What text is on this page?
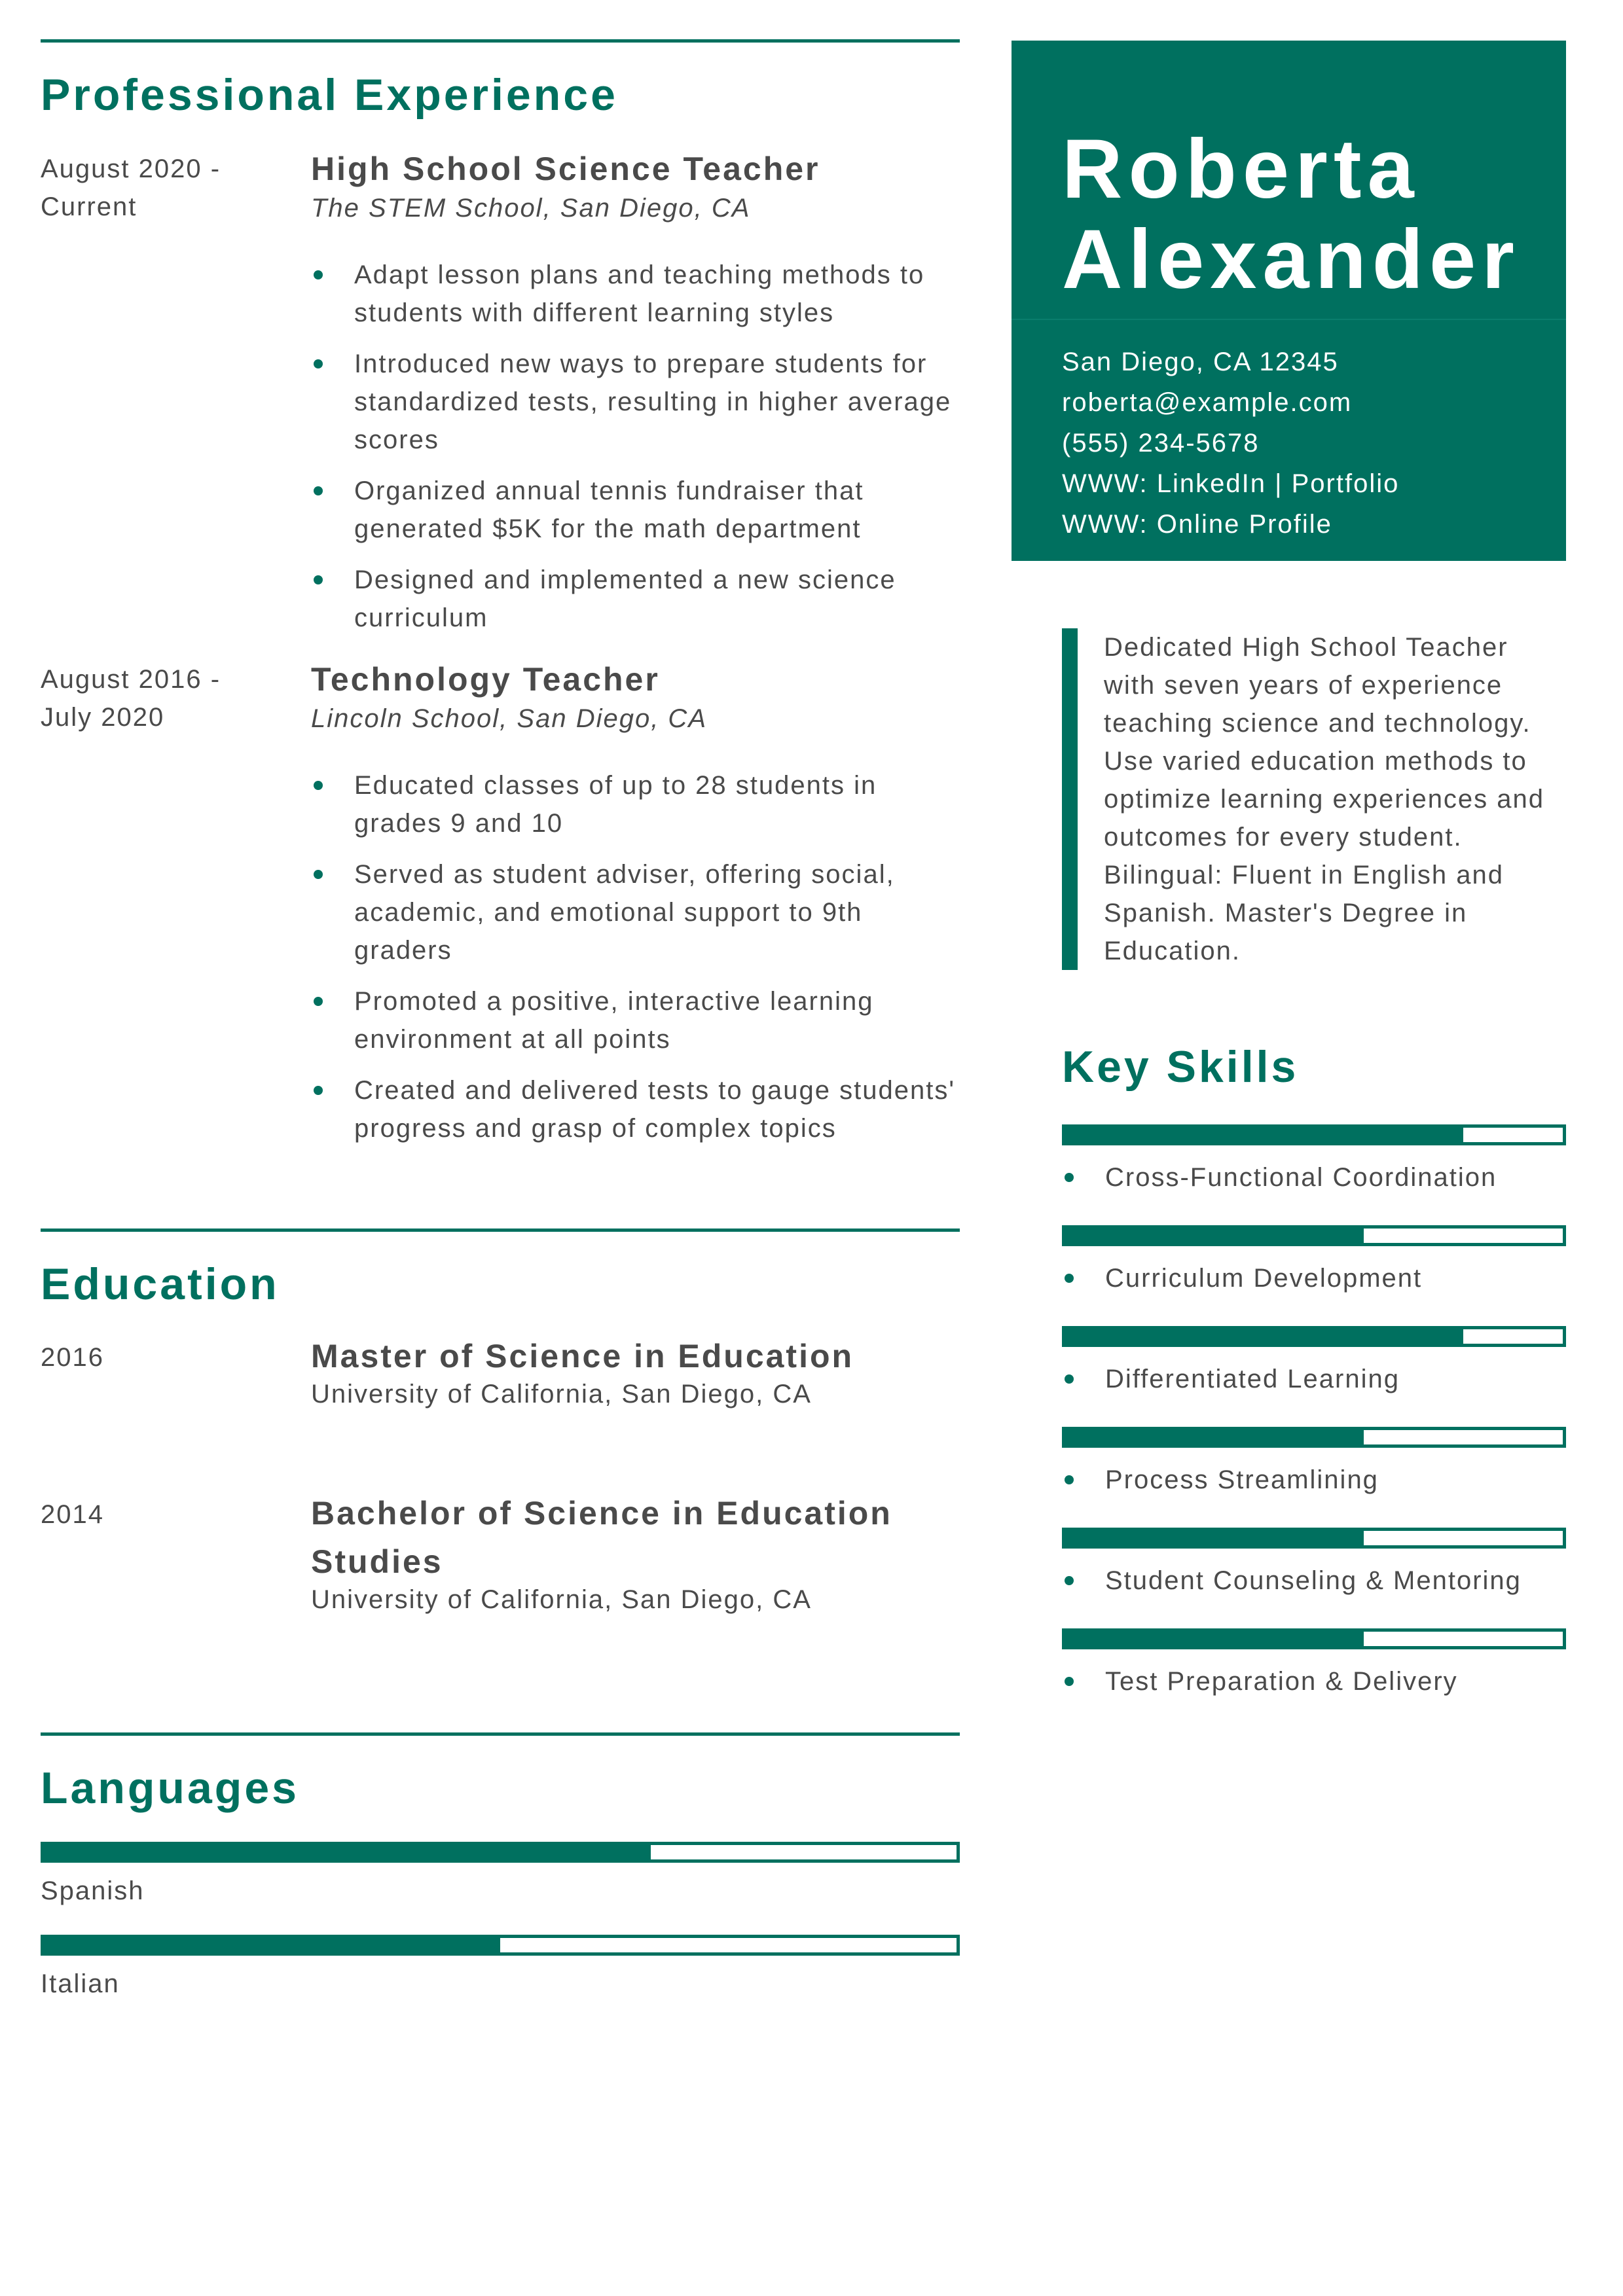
Professional Experience
August 2020 -
Current
High School Science Teacher
The STEM School, San Diego, CA
Adapt lesson plans and teaching methods to students with different learning styles
Introduced new ways to prepare students for standardized tests, resulting in higher average scores
Organized annual tennis fundraiser that generated $5K for the math department
Designed and implemented a new science curriculum
August 2016 -
July 2020
Technology Teacher
Lincoln School, San Diego, CA
Educated classes of up to 28 students in grades 9 and 10
Served as student adviser, offering social, academic, and emotional support to 9th graders
Promoted a positive, interactive learning environment at all points
Created and delivered tests to gauge students' progress and grasp of complex topics
Education
2016	Master of Science in Education
University of California, San Diego, CA
2014	Bachelor of Science in Education Studies
University of California, San Diego, CA
Languages
Spanish
Italian
Roberta
Alexander
San Diego, CA 12345
roberta@example.com
(555) 234-5678
WWW: LinkedIn | Portfolio
WWW: Online Profile
Dedicated High School Teacher with seven years of experience teaching science and technology. Use varied education methods to optimize learning experiences and outcomes for every student. Bilingual: Fluent in English and Spanish. Master's Degree in Education.
Key Skills
Cross-Functional Coordination
Curriculum Development
Differentiated Learning
Process Streamlining
Student Counseling & Mentoring
Test Preparation & Delivery
